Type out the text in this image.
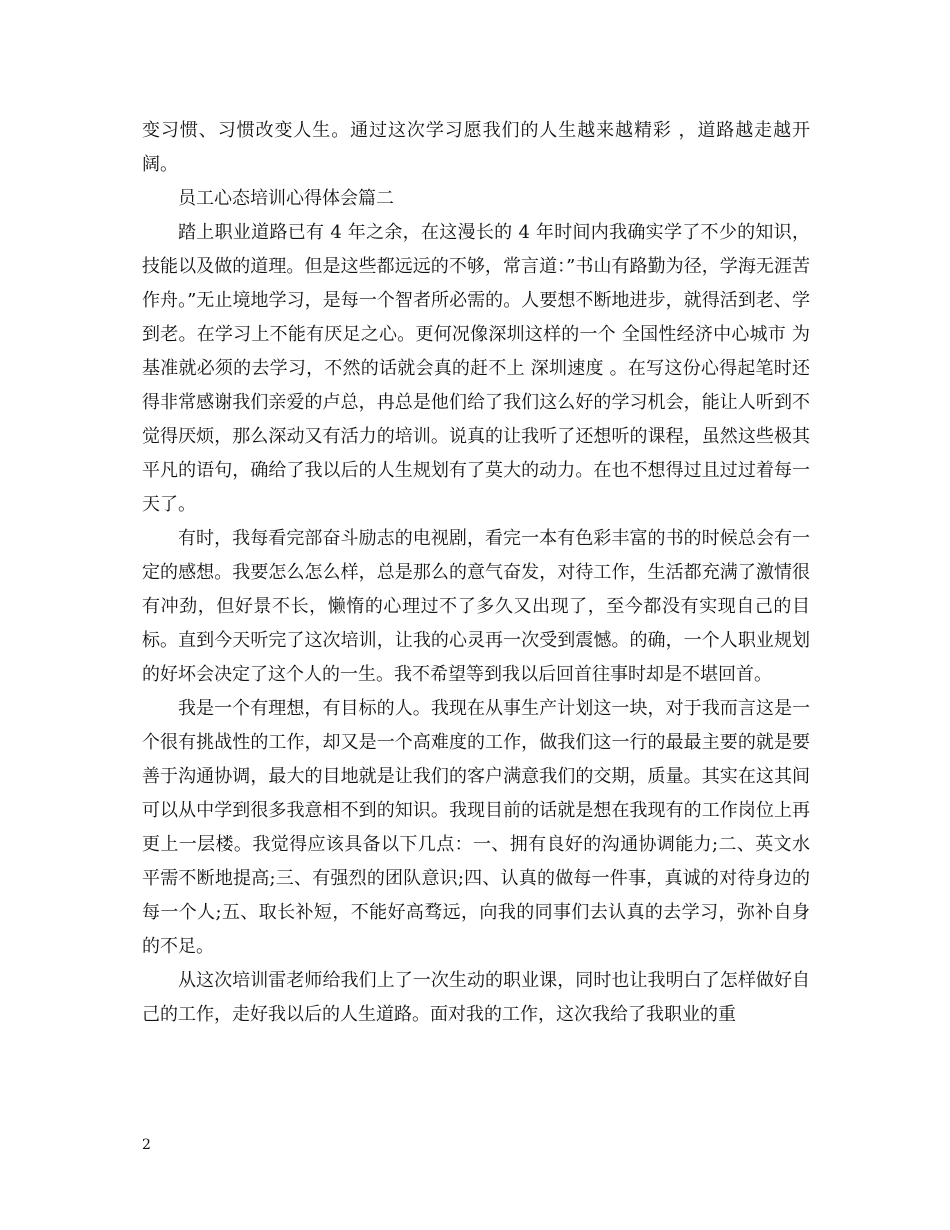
变习惯、习惯改变人生。通过这次学习愿我们的人生越来越精彩 ，道路越走越开阔。

员工心态培训心得体会篇二

踏上职业道路已有 4 年之余，在这漫长的 4 年时间内我确实学了不少的知识，技能以及做的道理。但是这些都远远的不够，常言道：”书山有路勤为径，学海无涯苦作舟。”无止境地学习，是每一个智者所必需的。人要想不断地进步，就得活到老、学到老。在学习上不能有厌足之心。更何况像深圳这样的一个 全国性经济中心城市 为基准就必须的去学习，不然的话就会真的赶不上 深圳速度 。在写这份心得起笔时还得非常感谢我们亲爱的卢总，冉总是他们给了我们这么好的学习机会，能让人听到不觉得厌烦，那么深动又有活力的培训。说真的让我听了还想听的课程，虽然这些极其平凡的语句，确给了我以后的人生规划有了莫大的动力。在也不想得过且过过着每一天了。

有时，我每看完部奋斗励志的电视剧，看完一本有色彩丰富的书的时候总会有一定的感想。我要怎么怎么样，总是那么的意气奋发，对待工作，生活都充满了激情很有冲劲，但好景不长，懒惰的心理过不了多久又出现了，至今都没有实现自己的目标。直到今天听完了这次培训，让我的心灵再一次受到震憾。的确，一个人职业规划的好坏会决定了这个人的一生。我不希望等到我以后回首往事时却是不堪回首。

我是一个有理想，有目标的人。我现在从事生产计划这一块，对于我而言这是一个很有挑战性的工作，却又是一个高难度的工作，做我们这一行的最最主要的就是要善于沟通协调，最大的目地就是让我们的客户满意我们的交期，质量。其实在这其间可以从中学到很多我意相不到的知识。我现目前的话就是想在我现有的工作岗位上再更上一层楼。我觉得应该具备以下几点：一、拥有良好的沟通协调能力;二、英文水平需不断地提高;三、有强烈的团队意识;四、认真的做每一件事，真诚的对待身边的每一个人;五、取长补短，不能好高骛远，向我的同事们去认真的去学习，弥补自身的不足。

从这次培训雷老师给我们上了一次生动的职业课，同时也让我明白了怎样做好自己的工作，走好我以后的人生道路。面对我的工作，这次我给了我职业的重

2
